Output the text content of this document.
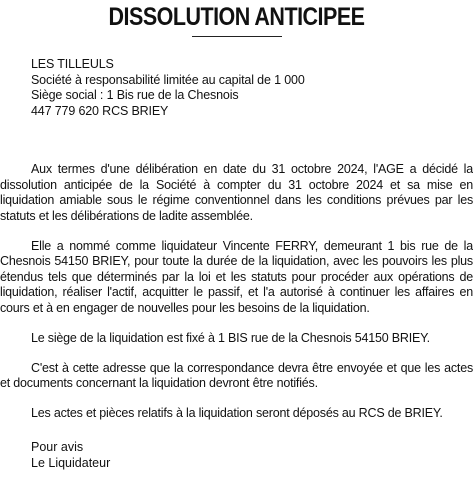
DISSOLUTION ANTICIPEE
LES TILLEULS
Société à responsabilité limitée au capital de 1 000
Siège social : 1 Bis rue de la Chesnois
447 779 620 RCS BRIEY

Aux termes d'une délibération en date du 31 octobre 2024, l'AGE a décidé la dissolution anticipée de la Société à compter du 31 octobre 2024 et sa mise en liquidation amiable sous le régime conventionnel dans les conditions prévues par les statuts et les délibérations de ladite assemblée.

Elle a nommé comme liquidateur Vincente FERRY, demeurant 1 bis rue de la Chesnois 54150 BRIEY, pour toute la durée de la liquidation, avec les pouvoirs les plus étendus tels que déterminés par la loi et les statuts pour procéder aux opérations de liquidation, réaliser l'actif, acquitter le passif, et l'a autorisé à continuer les affaires en cours et à en engager de nouvelles pour les besoins de la liquidation.

Le siège de la liquidation est fixé à 1 BIS rue de la Chesnois 54150 BRIEY.

C'est à cette adresse que la correspondance devra être envoyée et que les actes et documents concernant la liquidation devront être notifiés.

Les actes et pièces relatifs à la liquidation seront déposés au RCS de BRIEY.

Pour avis
Le Liquidateur
